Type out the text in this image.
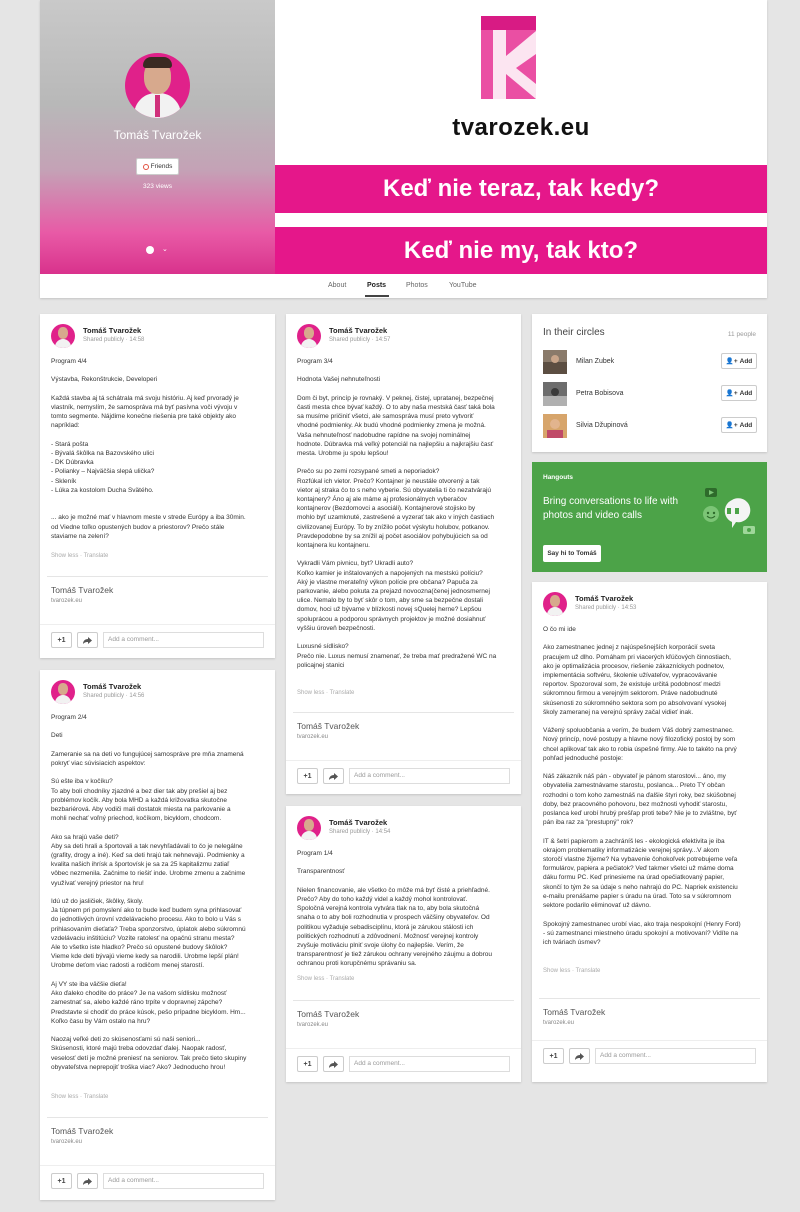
Tomáš Tvarožek
Friends
323 views
⌄
tvarozek.eu
Keď nie teraz, tak kedy?
Keď nie my, tak kto?
About	Posts	Photos	YouTube
Tomáš Tvarožek
Shared publicly · 14:58
Program 4/4

Výstavba, Rekonštrukcie, Developeri

Každá stavba aj tá schátrala má svoju históriu. Aj keď prvoradý je
vlastník, nemyslím, že samospráva má byť pasívna voči vývoju v
tomto segmente. Nájdime konečne riešenia pre také objekty ako
napríklad:

- Stará pošta
- Bývalá škôlka na Bazovského ulici
- DK Dúbravka
- Polianky – Najväčšia slepá ulička?
- Skleník
- Lúka za kostolom Ducha Svätého.

... ako je možné mať v hlavnom meste v strede Európy a iba 30min.
od Viedne toľko opustených budov a priestorov? Prečo stále
staviame na zelení?
Show less · Translate
Tomáš Tvarožek
tvarozek.eu
+1	Add a comment...
Tomáš Tvarožek
Shared publicly · 14:56
Program 2/4

Deti

Zameranie sa na deti vo fungujúcej samospráve pre mňa znamená
pokryť viac súvisiacich aspektov:

Sú ešte iba v kočíku?
To aby boli chodníky zjazdné a bez dier tak aby prešiel aj bez
problémov kočík. Aby bola MHD a každá križovatka skutočne
bezbariérová. Aby vodiči mali dostatok miesta na parkovanie a
mohli nechať voľný priechod, kočíkom, bicyklom, chodcom.

Ako sa hrajú vaše deti?
Aby sa deti hrali a športovali a tak nevyhľadávali to čo je nelegálne
(grafity, drogy a iné). Keď sa deti hrajú tak nehnevajú. Podmienky a
kvalita našich ihrísk a športovísk je sa za 25 kapitalizmu zatiaľ
vôbec nezmenila. Začnime to riešiť inde. Urobme zmenu a začnime
využívať verejný priestor na hru!

Idú už do jasličiek, škôlky, školy.
Ja túpnem pri pomyslení ako to bude keď budem syna prihlasovať
do jednotlivých úrovní vzdelávacieho procesu. Ako to bolo u Vás s
prihlasovaním dieťaťa? Treba sponzorstvo, úplatok alebo súkromnú
vzdelávaciu inštitúciu? Vozíte ratolesť na opačnú stranu mesta?
Ale to všetko iste hladko? Prečo sú opustené budovy škôlok?
Vieme kde deti bývajú vieme kedy sa narodili. Urobme lepší plán!
Urobme deťom viac radosti a rodičom menej starostí.

Aj VY ste iba väčšie dieťa!
Ako ďaleko chodíte do práce? Je na vašom sídlisku možnosť
zamestnať sa, alebo každé ráno trpíte v dopravnej zápche?
Predstavte si chodiť do práce kúsok, pešo prípadne bicyklom. Hm...
Koľko času by Vám ostalo na hru?

Naozaj veľké deti zo skúsenosťami sú naši seniori...
Skúsenosti, ktoré majú treba odovzdať ďalej. Naopak radosť,
veselosť detí je možné preniesť na seniorov. Tak prečo tieto skupiny
obyvateľstva neprepojiť troška viac? Ako? Jednoducho hrou!
Show less · Translate
Tomáš Tvarožek
tvarozek.eu
+1	Add a comment...
Tomáš Tvarožek
Shared publicly · 14:57
Program 3/4

Hodnota Vašej nehnuteľnosti

Dom či byt, princíp je rovnaký. V peknej, čistej, upratanej, bezpečnej
časti mesta chce bývať každý. O to aby naša mestská časť taká bola
sa musíme pričiniť všetci, ale samospráva musí preto vytvoriť
vhodné podmienky. Ak budú vhodné podmienky zmena je možná.
Vaša nehnuteľnosť nadobudne rapídne na svojej nominálnej
hodnote. Dúbravka má veľký potenciál na najlepšiu a najkrajšiu časť
mesta. Urobme ju spolu lepšou!

Prečo su po zemi rozsypané smeti a neporiadok?
Rozfúkal ich vietor. Prečo? Kontajner je neustále otvorený a tak
vietor aj straka čo to s neho vyberie. Sú obyvatelia ti čo nezatvárajú
kontajnery? Áno aj ale máme aj profesionálnych vyberačov
kontajnerov (Bezdomovci a asociáli). Kontajnerové stojisko by
mohlo byť uzamknuté, zastrešené a vyzerať tak ako v iných častiach
civilizovanej Európy. To by znížilo počet výskytu holubov, potkanov.
Pravdepodobne by sa znížil aj počet asociálov pohybujúcich sa od
kontajnera ku kontajneru.

Vykradli Vám pivnicu, byt? Ukradli auto?
Koľko kamier je inštalovaných a napojených na mestskú políciu?
Aký je vlastne merateľný výkon polície pre občana? Papuča za
parkovanie, alebo pokuta za prejazd novoozna(čenej jednosmernej
ulice. Nemalo by to byť skôr o tom, aby sme sa bezpečne dostali
domov, hoci už bývame v blízkosti novej sQuelej herne? Lepšou
spoluprácou a podporou správnych projektov je možné dosiahnuť
vyššiu úroveň bezpečnosti.

Luxusné sídlisko?
Prečo nie. Luxus nemusí znamenať, že treba mať predražené WC na
policajnej stanici
Show less · Translate
Tomáš Tvarožek
tvarozek.eu
+1	Add a comment...
Tomáš Tvarožek
Shared publicly · 14:54
Program 1/4

Transparentnosť

Nielen financovanie, ale všetko čo môže má byť čisté a priehľadné.
Prečo? Aby do toho každý videl a každý mohol kontrolovať.
Spoločná verejná kontrola vytvára tlak na to, aby bola skutočná
snaha o to aby boli rozhodnutia v prospech väčšiny obyvateľov. Od
politikou vyžaduje sebadisciplínu, ktorá je zárukou stálosti ich
politických rozhodnutí a zdôvodnení. Možnosť verejnej kontroly
zvyšuje motiváciu plniť svoje úlohy čo najlepšie. Verím, že
transparentnosť je tiež zárukou ochrany verejného záujmu a dobrou
ochranou proti korupčnému správaniu sa.
Show less · Translate
Tomáš Tvarožek
tvarozek.eu
+1	Add a comment...
Tomáš Tvarožek
Shared publicly · 14:53
O čo mi ide

Ako zamestnanec jednej z najúspešnejších korporácií sveta
pracujem už dlho. Pomáham pri viacerých kľúčových činnostiach,
ako je optimalizácia procesov, riešenie zákazníckych podnetov,
implementácia softvéru, školenie užívateľov, vypracovávanie
reportov. Spozoroval som, že existuje určitá podobnosť medzi
súkromnou firmou a verejným sektorom. Práve nadobudnuté
skúsenosti zo súkromného sektora som po absolvovaní vysokej
školy zameranej na verejnú správy začal vidieť inak.

Vážený spoluobčania a verím, že budem Váš dobrý zamestnanec.
Nový princíp, nové postupy a hlavne nový filozofický postoj by som
chcel aplikovať tak ako to robia úspešné firmy. Ale to takéto na prvý
pohľad jednoduché postoje:

Náš zákazník náš pán - obyvateľ je pánom starostovi... áno, my
obyvatelia zamestnávame starostu, poslanca... Preto TY občan
rozhodni o tom koho zamestnáš na ďalšie štyri roky, bez skúšobnej
doby, bez pracovného pohovoru, bez možnosti vyhodiť starostu,
poslanca keď urobí hrubý prešľap proti tebe? Nie je to zvláštne, byť
pán iba raz za "prestupný" rok?

IT & šetri papierom a zachráníš les - ekologická efektivita je iba
okrajom problematiky informatizácie verejnej správy...V akom
storočí vlastne žijeme? Na vybavenie čohokoľvek potrebujeme veľa
formulárov, papiera a pečiatok? Veď takmer všetci už máme doma
dáku formu PC. Keď prinesieme na úrad opečiatkovaný papier,
skončí to tým že sa údaje s neho nahrajú do PC. Napriek existenciu
e-mailu prenášame papier s úradu na úrad. Toto sa v súkromnom
sektore podarilo eliminovať už dávno.

Spokojný zamestnanec urobí viac, ako traja nespokojní (Henry Ford)
- sú zamestnanci miestneho úradu spokojní a motivovaní? Vidíte na
ich tváriach úsmev?
Show less · Translate
Tomáš Tvarožek
tvarozek.eu
+1	Add a comment...
In their circles	11 people
Milan Zubek	👤+ Add
Petra Bobisova	👤+ Add
Silvia Džupinová	👤+ Add
Hangouts
Bring conversations to life with photos and video calls
Say hi to Tomáš
